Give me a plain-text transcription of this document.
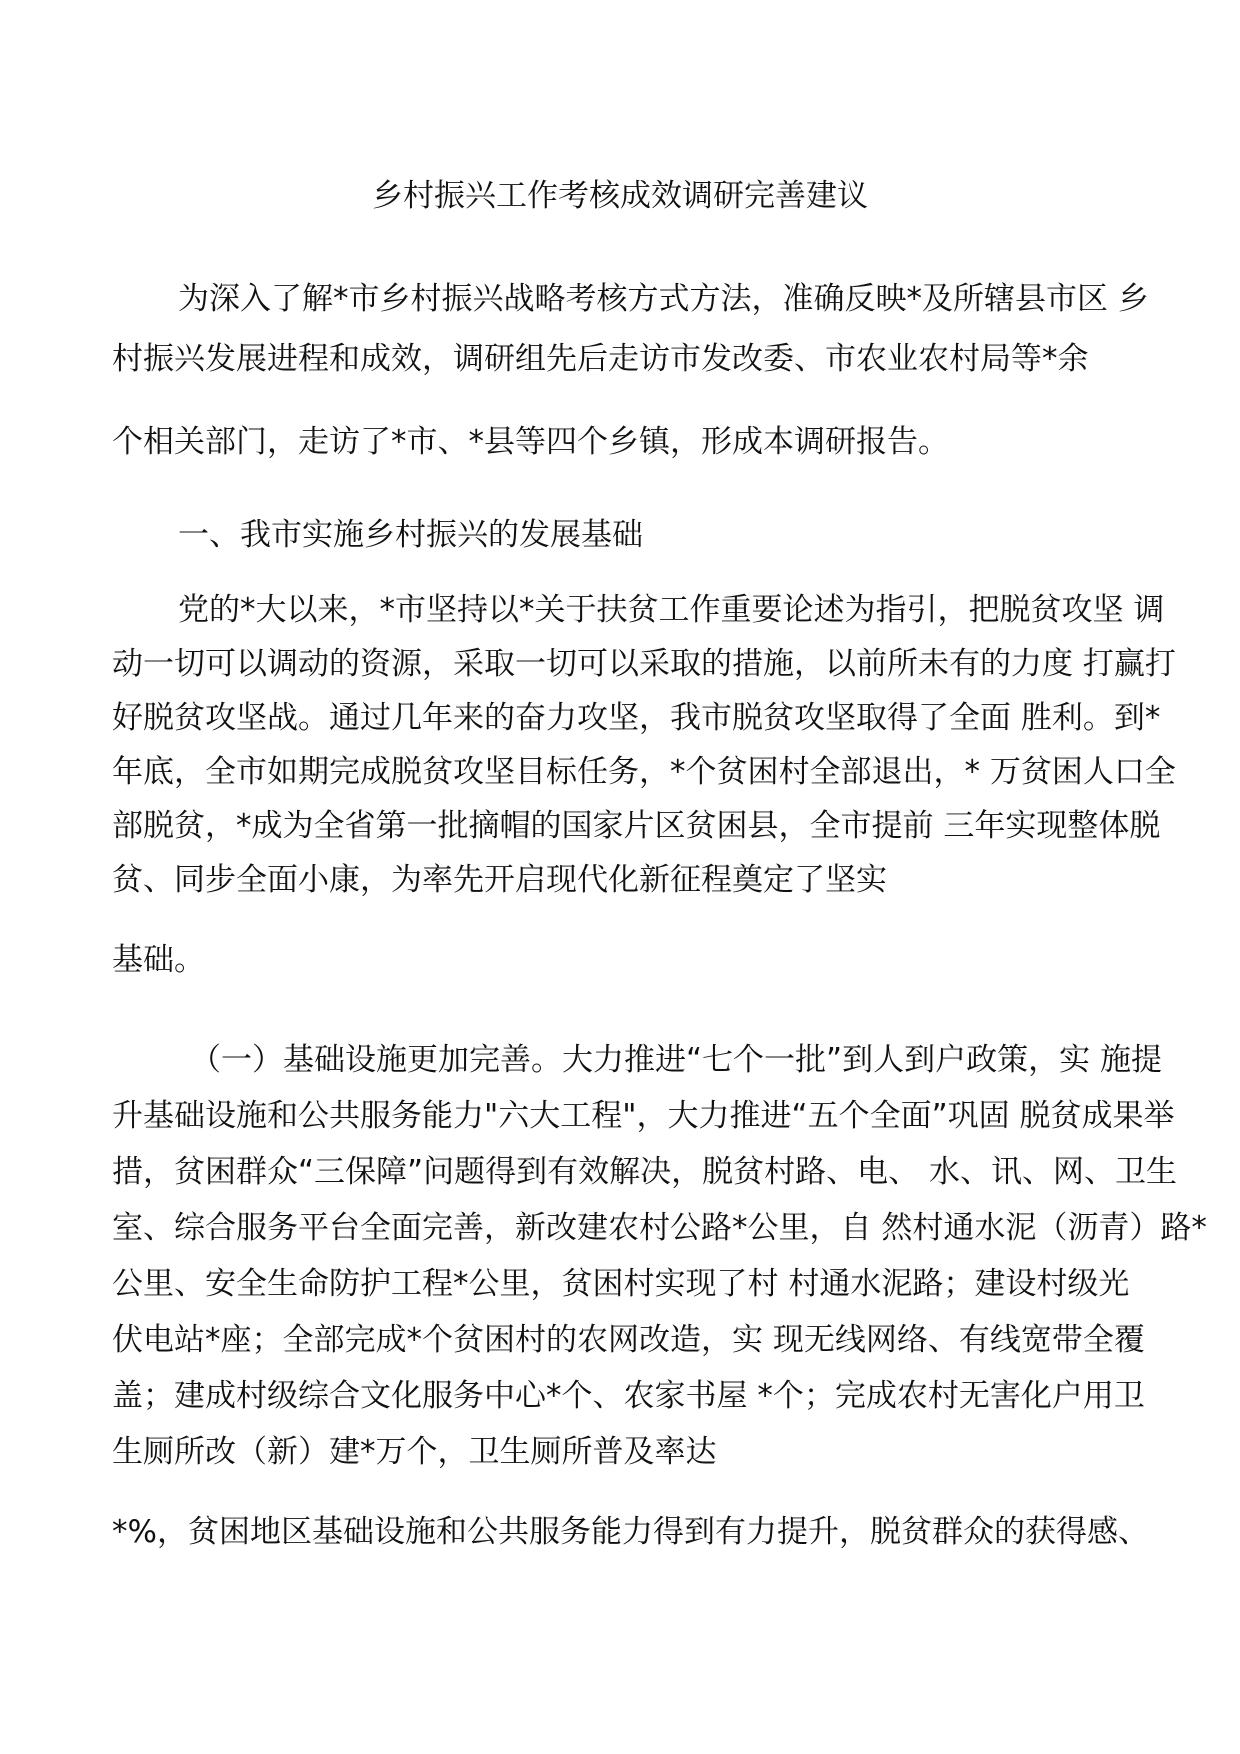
乡村振兴工作考核成效调研完善建议
为深入了解*市乡村振兴战略考核方式方法，准确反映*及所辖县市区 乡
村振兴发展进程和成效，调研组先后走访市发改委、市农业农村局等*余
个相关部门，走访了*市、*县等四个乡镇，形成本调研报告。
一、我市实施乡村振兴的发展基础
党的*大以来，*市坚持以*关于扶贫工作重要论述为指引，把脱贫攻坚 调
动一切可以调动的资源，采取一切可以采取的措施，以前所未有的力度 打赢打
好脱贫攻坚战。通过几年来的奋力攻坚，我市脱贫攻坚取得了全面 胜利。到*
年底，全市如期完成脱贫攻坚目标任务，*个贫困村全部退出，* 万贫困人口全
部脱贫，*成为全省第一批摘帽的国家片区贫困县，全市提前 三年实现整体脱
贫、同步全面小康，为率先开启现代化新征程奠定了坚实
基础。
（一）基础设施更加完善。大力推进“七个一批”到人到户政策，实 施提
升基础设施和公共服务能力"六大工程"，大力推进“五个全面”巩固 脱贫成果举
措，贫困群众“三保障”问题得到有效解决，脱贫村路、电、 水、讯、网、卫生
室、综合服务平台全面完善，新改建农村公路*公里，自 然村通水泥（沥青）路*
公里、安全生命防护工程*公里，贫困村实现了村 村通水泥路；建设村级光
伏电站*座；全部完成*个贫困村的农网改造，实 现无线网络、有线宽带全覆
盖；建成村级综合文化服务中心*个、农家书屋 *个；完成农村无害化户用卫
生厕所改（新）建*万个，卫生厕所普及率达
*%，贫困地区基础设施和公共服务能力得到有力提升，脱贫群众的获得感、
